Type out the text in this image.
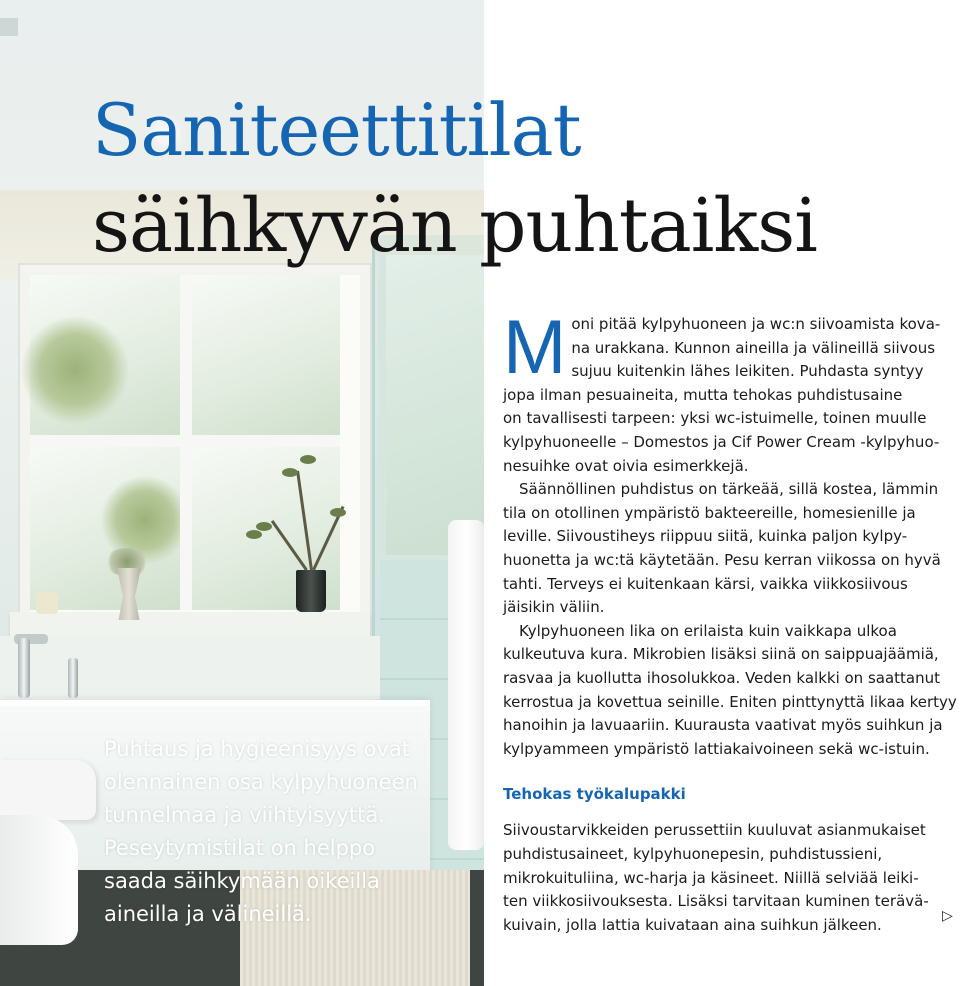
Puhtaus ja hygieenisyys ovat
olennainen osa kylpyhuoneen
tunnelmaa ja viihtyisyyttä.
Peseytymistilat on helppo
saada säihkymään oikeilla
aineilla ja välineillä.

Saniteettitilat
säihkyvän puhtaiksi

M oni pitää kylpyhuoneen ja wc:n siivoamista kova-
na urakkana. Kunnon aineilla ja välineillä siivous
sujuu kuitenkin lähes leikiten. Puhdasta syntyy
jopa ilman pesuaineita, mutta tehokas puhdistusaine
on tavallisesti tarpeen: yksi wc-istuimelle, toinen muulle
kylpyhuoneelle – Domestos ja Cif Power Cream -kylpyhuo-
nesuihke ovat oivia esimerkkejä.

Säännöllinen puhdistus on tärkeää, sillä kostea, lämmin
tila on otollinen ympäristö bakteereille, homesienille ja
leville. Siivoustiheys riippuu siitä, kuinka paljon kylpy-
huonetta ja wc:tä käytetään. Pesu kerran viikossa on hyvä
tahti. Terveys ei kuitenkaan kärsi, vaikka viikkosiivous
jäisikin väliin.

Kylpyhuoneen lika on erilaista kuin vaikkapa ulkoa
kulkeutuva kura. Mikrobien lisäksi siinä on saippuajäämiä,
rasvaa ja kuollutta ihosolukkoa. Veden kalkki on saattanut
kerrostua ja kovettua seinille. Eniten pinttynyttä likaa kertyy
hanoihin ja lavuaariin. Kuurausta vaativat myös suihkun ja
kylpyammeen ympäristö lattiakaivoineen sekä wc-istuin.

Tehokas työkalupakki

Siivoustarvikkeiden perussettiin kuuluvat asianmukaiset
puhdistusaineet, kylpyhuonepesin, puhdistussieni,
mikrokuituliina, wc-harja ja käsineet. Niillä selviää leiki-
ten viikkosiivouksesta. Lisäksi tarvitaan kuminen terävä-
kuivain, jolla lattia kuivataan aina suihkun jälkeen.	▷
